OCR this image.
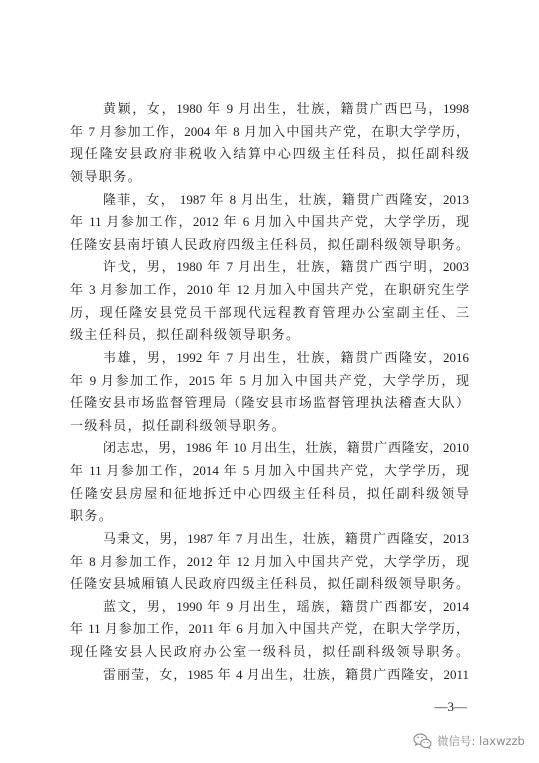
黄颖，女，1980 年 9 月出生，壮族，籍贯广西巴马，1998
年 7 月参加工作，2004 年 8 月加入中国共产党，在职大学学历，
现任隆安县政府非税收入结算中心四级主任科员，拟任副科级
领导职务。
隆菲，女， 1987 年 8 月出生，壮族，籍贯广西隆安，2013
年 11 月参加工作，2012 年 6 月加入中国共产党，大学学历，现
任隆安县南圩镇人民政府四级主任科员，拟任副科级领导职务。
许戈，男，1980 年 7 月出生，壮族，籍贯广西宁明，2003
年 3 月参加工作，2010 年 12 月加入中国共产党，在职研究生学
历，现任隆安县党员干部现代远程教育管理办公室副主任、三
级主任科员，拟任副科级领导职务。
韦雄，男，1992 年 7 月出生，壮族，籍贯广西隆安，2016
年 9 月参加工作，2015 年 5 月加入中国共产党，大学学历，现
任隆安县市场监督管理局（隆安县市场监督管理执法稽查大队）
一级科员，拟任副科级领导职务。
闭志忠，男，1986 年 10 月出生，壮族，籍贯广西隆安，2010
年 11 月参加工作，2014 年 5 月加入中国共产党，大学学历，现
任隆安县房屋和征地拆迁中心四级主任科员，拟任副科级领导
职务。
马秉文，男，1987 年 7 月出生，壮族，籍贯广西隆安，2013
年 8 月参加工作，2012 年 12 月加入中国共产党，大学学历，现
任隆安县城厢镇人民政府四级主任科员，拟任副科级领导职务。
蓝文，男，1990 年 9 月出生，瑶族，籍贯广西都安，2014
年 11 月参加工作，2011 年 6 月加入中国共产党，在职大学学历，
现任隆安县人民政府办公室一级科员，拟任副科级领导职务。
雷丽莹，女，1985 年 4 月出生，壮族，籍贯广西隆安，2011
—3—
微信号: laxwzzb
